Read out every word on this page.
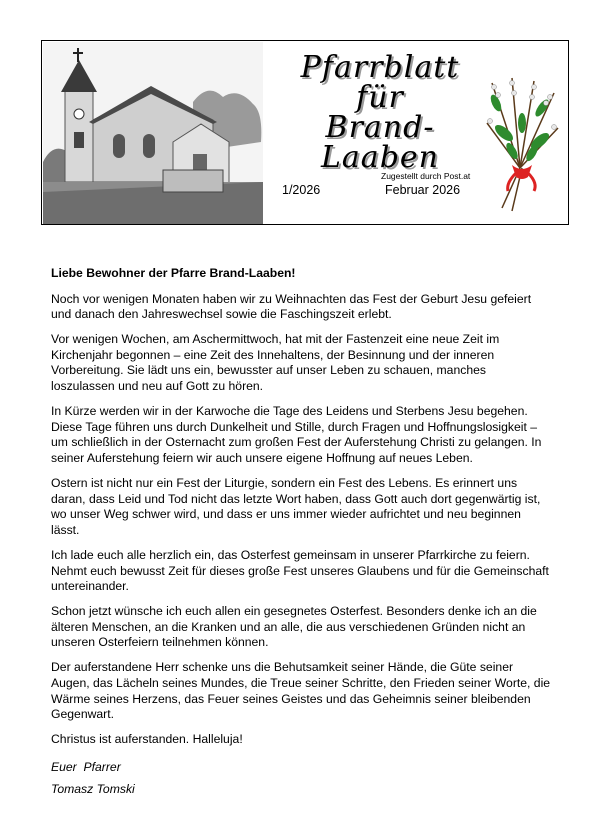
Pfarrblatt
für
Brand-Laaben
1/2026
Zugestellt durch Post.at
Februar 2026

Liebe Bewohner der Pfarre Brand-Laaben!

Noch vor wenigen Monaten haben wir zu Weihnachten das Fest der Geburt Jesu gefeiert und danach den Jahreswechsel sowie die Faschingszeit erlebt.

Vor wenigen Wochen, am Aschermittwoch, hat mit der Fastenzeit eine neue Zeit im Kirchenjahr begonnen – eine Zeit des Innehaltens, der Besinnung und der inneren Vorbereitung. Sie lädt uns ein, bewusster auf unser Leben zu schauen, manches loszulassen und neu auf Gott zu hören.

In Kürze werden wir in der Karwoche die Tage des Leidens und Sterbens Jesu begehen. Diese Tage führen uns durch Dunkelheit und Stille, durch Fragen und Hoffnungslosigkeit – um schließlich in der Osternacht zum großen Fest der Auferstehung Christi zu gelangen. In seiner Auferstehung feiern wir auch unsere eigene Hoffnung auf neues Leben.

Ostern ist nicht nur ein Fest der Liturgie, sondern ein Fest des Lebens. Es erinnert uns daran, dass Leid und Tod nicht das letzte Wort haben, dass Gott auch dort gegenwärtig ist, wo unser Weg schwer wird, und dass er uns immer wieder aufrichtet und neu beginnen lässt.

Ich lade euch alle herzlich ein, das Osterfest gemeinsam in unserer Pfarrkirche zu feiern. Nehmt euch bewusst Zeit für dieses große Fest unseres Glaubens und für die Gemeinschaft untereinander.

Schon jetzt wünsche ich euch allen ein gesegnetes Osterfest. Besonders denke ich an die älteren Menschen, an die Kranken und an alle, die aus verschiedenen Gründen nicht an unseren Osterfeiern teilnehmen können.

Der auferstandene Herr schenke uns die Behutsamkeit seiner Hände, die Güte seiner Augen, das Lächeln seines Mundes, die Treue seiner Schritte, den Frieden seiner Worte, die Wärme seines Herzens, das Feuer seines Geistes und das Geheimnis seiner bleibenden Gegenwart.

Christus ist auferstanden. Halleluja!

Euer  Pfarrer
Tomasz Tomski
